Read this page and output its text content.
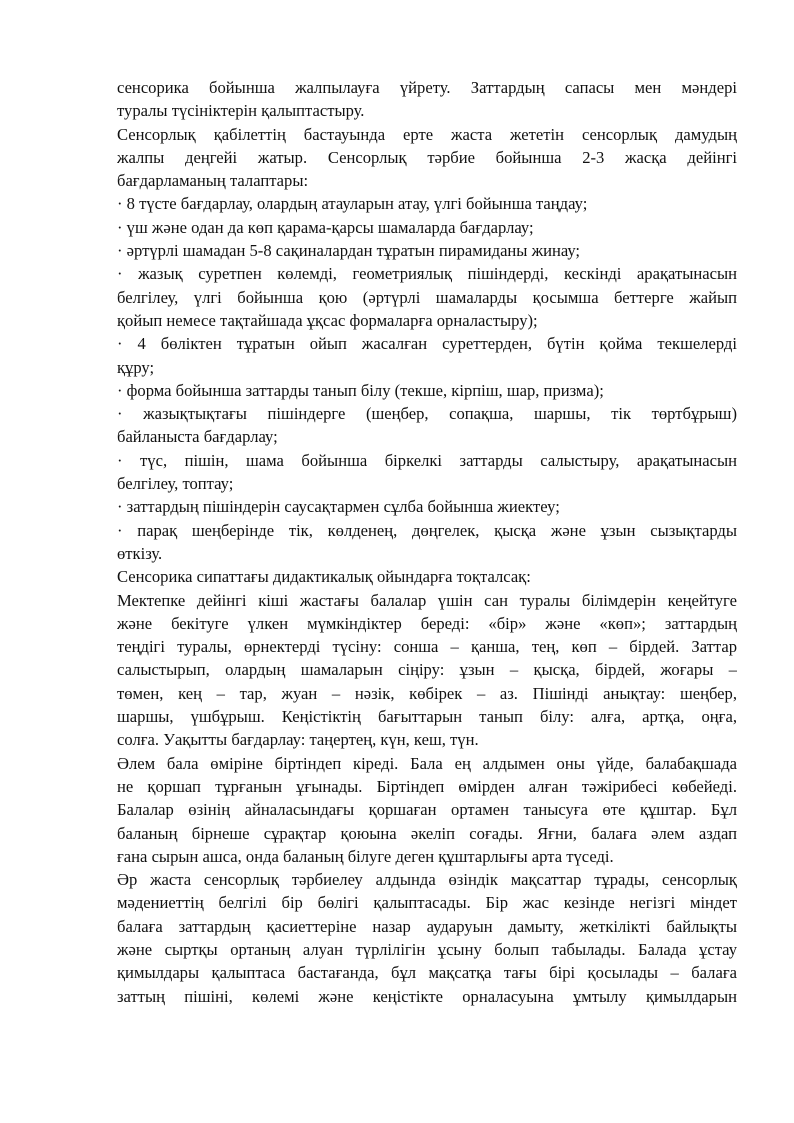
сенсорика бойынша жалпылауға үйрету. Заттардың сапасы мен мәндері
туралы түсініктерін қалыптастыру.
Сенсорлық қабілеттің бастауында ерте жаста жететін сенсорлық дамудың
жалпы деңгейі жатыр. Сенсорлық тәрбие бойынша 2-3 жасқа дейінгі
бағдарламаның талаптары:
· 8 түсте бағдарлау, олардың атауларын атау, үлгі бойынша таңдау;
· үш және одан да көп қарама-қарсы шамаларда бағдарлау;
· әртүрлі шамадан 5-8 сақиналардан тұратын пирамиданы жинау;
· жазық суретпен көлемді, геометриялық пішіндерді, кескінді арақатынасын
белгілеу, үлгі бойынша қою (әртүрлі шамаларды қосымша беттерге жайып
қойып немесе тақтайшада ұқсас формаларға орналастыру);
· 4 бөліктен тұратын ойып жасалған суреттерден, бүтін қойма текшелерді
құру;
· форма бойынша заттарды танып білу (текше, кірпіш, шар, призма);
· жазықтықтағы пішіндерге (шеңбер, сопақша, шаршы, тік төртбұрыш)
байланыста бағдарлау;
· түс, пішін, шама бойынша біркелкі заттарды салыстыру, арақатынасын
белгілеу, топтау;
· заттардың пішіндерін саусақтармен сұлба бойынша жиектеу;
· парақ шеңберінде тік, көлденең, дөңгелек, қысқа және ұзын сызықтарды
өткізу.
Сенсорика сипаттағы дидактикалық ойындарға тоқталсақ:
Мектепке дейінгі кіші жастағы балалар үшін сан туралы білімдерін кеңейтуге
және бекітуге үлкен мүмкіндіктер береді: «бір» және «көп»; заттардың
теңдігі туралы, өрнектерді түсіну: сонша – қанша, тең, көп – бірдей. Заттар
салыстырып, олардың шамаларын сіңіру: ұзын – қысқа, бірдей, жоғары –
төмен, кең – тар, жуан – нәзік, көбірек – аз. Пішінді анықтау: шеңбер,
шаршы, үшбұрыш. Кеңістіктің бағыттарын танып білу: алға, артқа, оңға,
солға. Уақытты бағдарлау: таңертең, күн, кеш, түн.
Әлем бала өміріне біртіндеп кіреді. Бала ең алдымен оны үйде, балабақшада
не қоршап тұрғанын ұғынады. Біртіндеп өмірден алған тәжірибесі көбейеді.
Балалар өзінің айналасындағы қоршаған ортамен танысуға өте құштар. Бұл
баланың бірнеше сұрақтар қоюына әкеліп соғады. Яғни, балаға әлем аздап
ғана сырын ашса, онда баланың білуге деген құштарлығы арта түседі.
Әр жаста сенсорлық тәрбиелеу алдында өзіндік мақсаттар тұрады, сенсорлық
мәдениеттің белгілі бір бөлігі қалыптасады. Бір жас кезінде негізгі міндет
балаға заттардың қасиеттеріне назар аударуын дамыту, жеткілікті байлықты
және сыртқы ортаның алуан түрлілігін ұсыну болып табылады. Балада ұстау
қимылдары қалыптаса бастағанда, бұл мақсатқа тағы бірі қосылады – балаға
заттың пішіні, көлемі және кеңістікте орналасуына ұмтылу қимылдарын
